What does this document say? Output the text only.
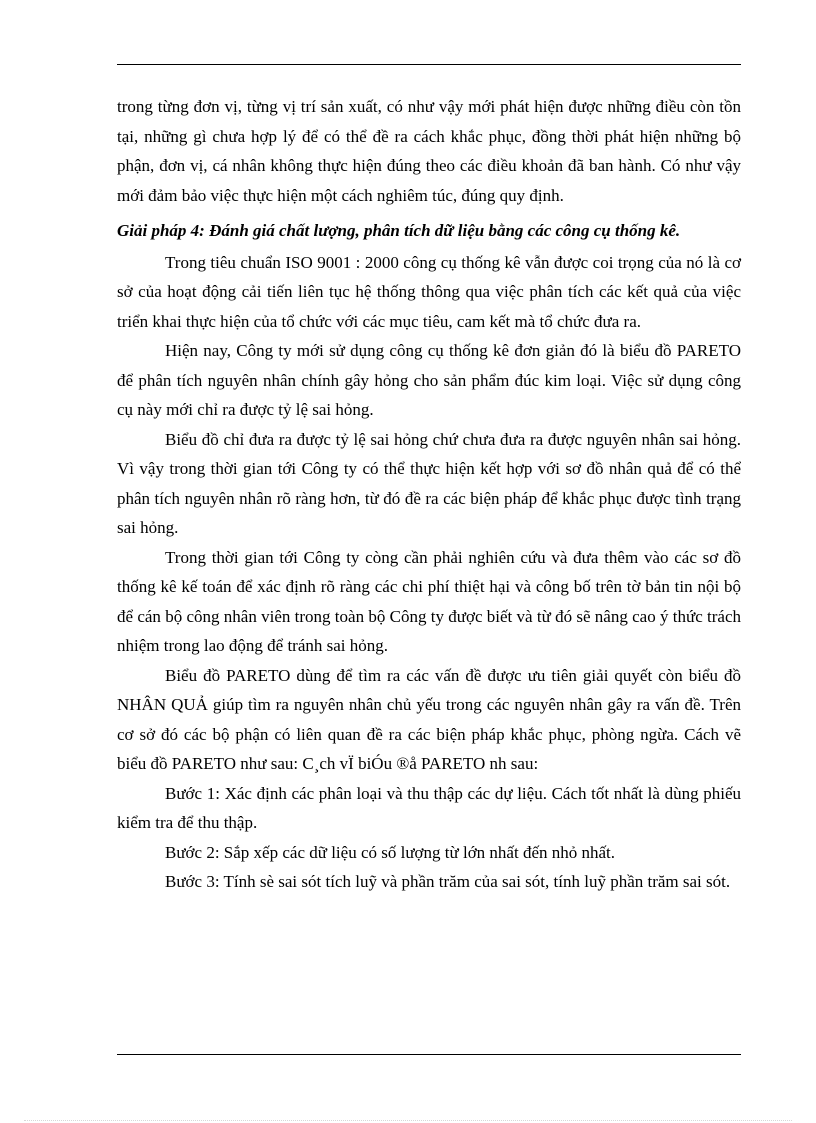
trong từng đơn vị, từng vị trí sản xuất, có như vậy mới phát hiện được những điều còn tồn tại, những gì chưa hợp lý để có thể đề ra cách khắc phục, đồng thời phát hiện những bộ phận, đơn vị, cá nhân không thực hiện đúng theo các điều khoản đã ban hành. Có như vậy mới đảm bảo việc thực hiện một cách nghiêm túc, đúng quy định.

Giải pháp 4: Đánh giá chất lượng, phân tích dữ liệu bằng các công cụ thống kê.

Trong tiêu chuẩn ISO 9001 : 2000 công cụ thống kê vẫn được coi trọng của nó là cơ sở của hoạt động cải tiến liên tục hệ thống thông qua việc phân tích các kết quả của việc triển khai thực hiện của tổ chức với các mục tiêu, cam kết mà tổ chức đưa ra.

Hiện nay, Công ty mới sử dụng công cụ thống kê đơn giản đó là biểu đồ PARETO để phân tích nguyên nhân chính gây hỏng cho sản phẩm đúc kim loại. Việc sử dụng công cụ này mới chỉ ra được tỷ lệ sai hỏng.

Biểu đồ chỉ đưa ra được tỷ lệ sai hỏng chứ chưa đưa ra được nguyên nhân sai hỏng. Vì vậy trong thời gian tới Công ty có thể thực hiện kết hợp với sơ đồ nhân quả để có thể phân tích nguyên nhân rõ ràng hơn, từ đó đề ra các biện pháp để khắc phục được tình trạng sai hỏng.

Trong thời gian tới Công ty còng cần phải nghiên cứu và đưa thêm vào các sơ đồ thống kê kế toán để xác định rõ ràng các chi phí thiệt hại và công bố trên tờ bản tin nội bộ để cán bộ công nhân viên trong toàn bộ Công ty được biết và từ đó sẽ nâng cao ý thức trách nhiệm trong lao động để tránh sai hỏng.

Biểu đồ PARETO dùng để tìm ra các vấn đề được ưu tiên giải quyết còn biểu đồ NHÂN QUẢ giúp tìm ra nguyên nhân chủ yếu trong các nguyên nhân gây ra vấn đề. Trên cơ sở đó các bộ phận có liên quan đề ra các biện pháp khắc phục, phòng ngừa. Cách vẽ biểu đồ PARETO như sau: C¸ch vÏ biÓu ®å PARETO nh sau:

Bước 1: Xác định các phân loại và thu thập các dự liệu. Cách tốt nhất là dùng phiếu kiểm tra để thu thập.

Bước 2: Sắp xếp các dữ liệu có số lượng từ lớn nhất đến nhỏ nhất.

Bước 3: Tính sè sai sót tích luỹ và phần trăm của sai sót, tính luỹ phần trăm sai sót.
